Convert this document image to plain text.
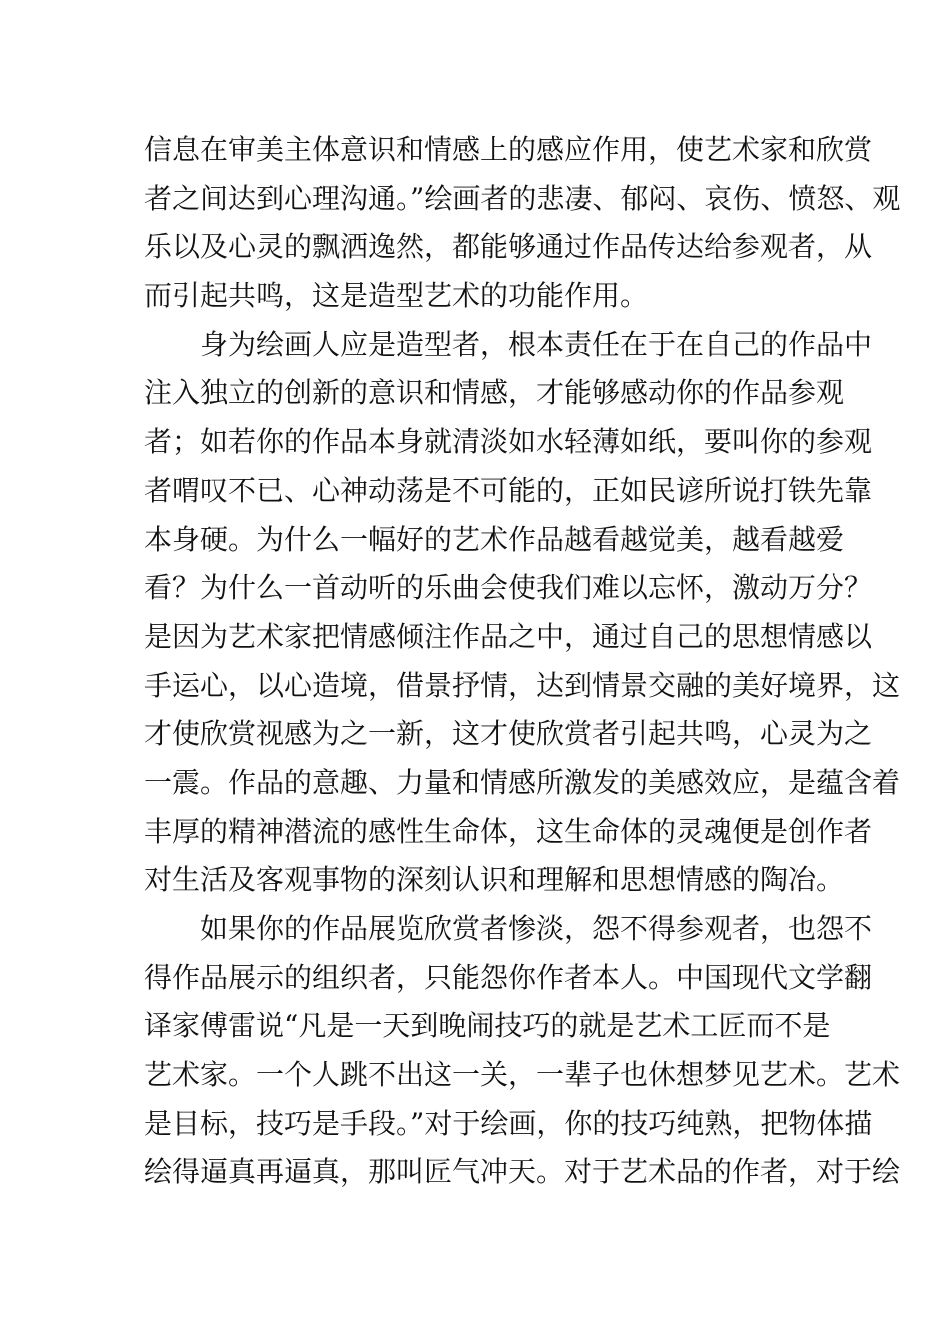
信息在审美主体意识和情感上的感应作用，使艺术家和欣赏
者之间达到心理沟通。”绘画者的悲凄、郁闷、哀伤、愤怒、观
乐以及心灵的飘洒逸然，都能够通过作品传达给参观者，从
而引起共鸣，这是造型艺术的功能作用。
　　身为绘画人应是造型者，根本责任在于在自己的作品中
注入独立的创新的意识和情感，才能够感动你的作品参观
者；如若你的作品本身就清淡如水轻薄如纸，要叫你的参观
者喟叹不已、心神动荡是不可能的，正如民谚所说打铁先靠
本身硬。为什么一幅好的艺术作品越看越觉美，越看越爱
看？为什么一首动听的乐曲会使我们难以忘怀，激动万分？
是因为艺术家把情感倾注作品之中，通过自己的思想情感以
手运心，以心造境，借景抒情，达到情景交融的美好境界，这
才使欣赏视感为之一新，这才使欣赏者引起共鸣，心灵为之
一震。作品的意趣、力量和情感所激发的美感效应，是蕴含着
丰厚的精神潜流的感性生命体，这生命体的灵魂便是创作者
对生活及客观事物的深刻认识和理解和思想情感的陶冶。
　　如果你的作品展览欣赏者惨淡，怨不得参观者，也怨不
得作品展示的组织者，只能怨你作者本人。中国现代文学翻
译家傅雷说“凡是一天到晚闹技巧的就是艺术工匠而不是
艺术家。一个人跳不出这一关，一辈子也休想梦见艺术。艺术
是目标，技巧是手段。”对于绘画，你的技巧纯熟，把物体描
绘得逼真再逼真，那叫匠气冲天。对于艺术品的作者，对于绘
